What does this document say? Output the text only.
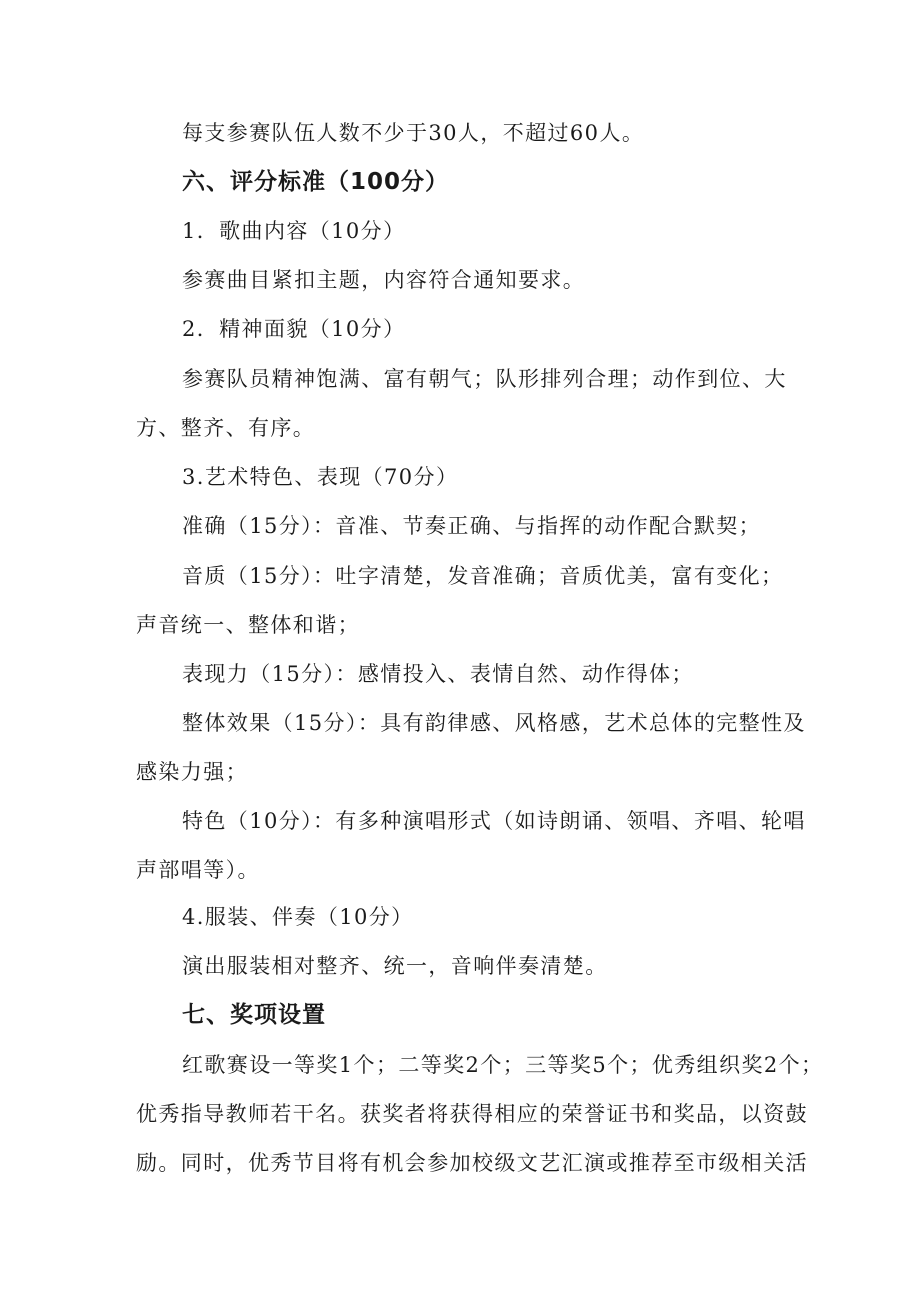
每支参赛队伍人数不少于30人，不超过60人。
六、评分标准（100分）
1．歌曲内容（10分）
参赛曲目紧扣主题，内容符合通知要求。
2．精神面貌（10分）
参赛队员精神饱满、富有朝气；队形排列合理；动作到位、大
方、整齐、有序。
3.艺术特色、表现（70分）
准确（15分）：音准、节奏正确、与指挥的动作配合默契；
音质（15分）：吐字清楚，发音准确；音质优美，富有变化；
声音统一、整体和谐；
表现力（15分）：感情投入、表情自然、动作得体；
整体效果（15分）：具有韵律感、风格感，艺术总体的完整性及
感染力强；
特色（10分）：有多种演唱形式（如诗朗诵、领唱、齐唱、轮唱
声部唱等）。
4.服装、伴奏（10分）
演出服装相对整齐、统一，音响伴奏清楚。
七、奖项设置
红歌赛设一等奖1个；二等奖2个；三等奖5个；优秀组织奖2个；
优秀指导教师若干名。获奖者将获得相应的荣誉证书和奖品，以资鼓
励。同时，优秀节目将有机会参加校级文艺汇演或推荐至市级相关活
